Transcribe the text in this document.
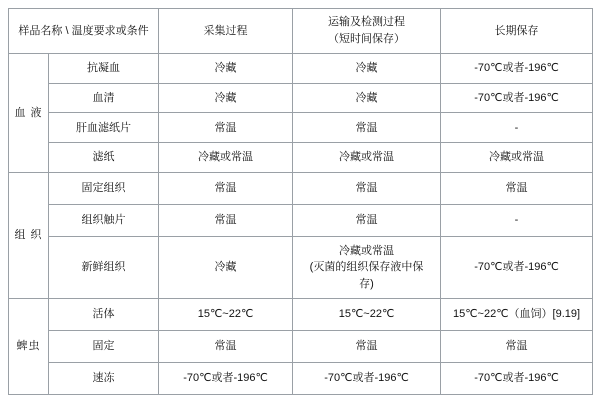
样品名称 \ 温度要求或条件		采集过程	运输及检测过程
（短时间保存）	长期保存

血 液	抗凝血	冷藏	冷藏	-70℃或者-196℃
	血清	冷藏	冷藏	-70℃或者-196℃
	肝血滤纸片	常温	常温	-
	滤纸	冷藏或常温	冷藏或常温	冷藏或常温
组 织	固定组织	常温	常温	常温
	组织触片	常温	常温	-
	新鲜组织	冷藏	冷藏或常温
(灭菌的组织保存液中保
存)	-70℃或者-196℃
蜱虫	活体	15℃~22℃	15℃~22℃	15℃~22℃（血饲）[9.19]
	固定	常温	常温	常温
	速冻	-70℃或者-196℃	-70℃或者-196℃	-70℃或者-196℃
